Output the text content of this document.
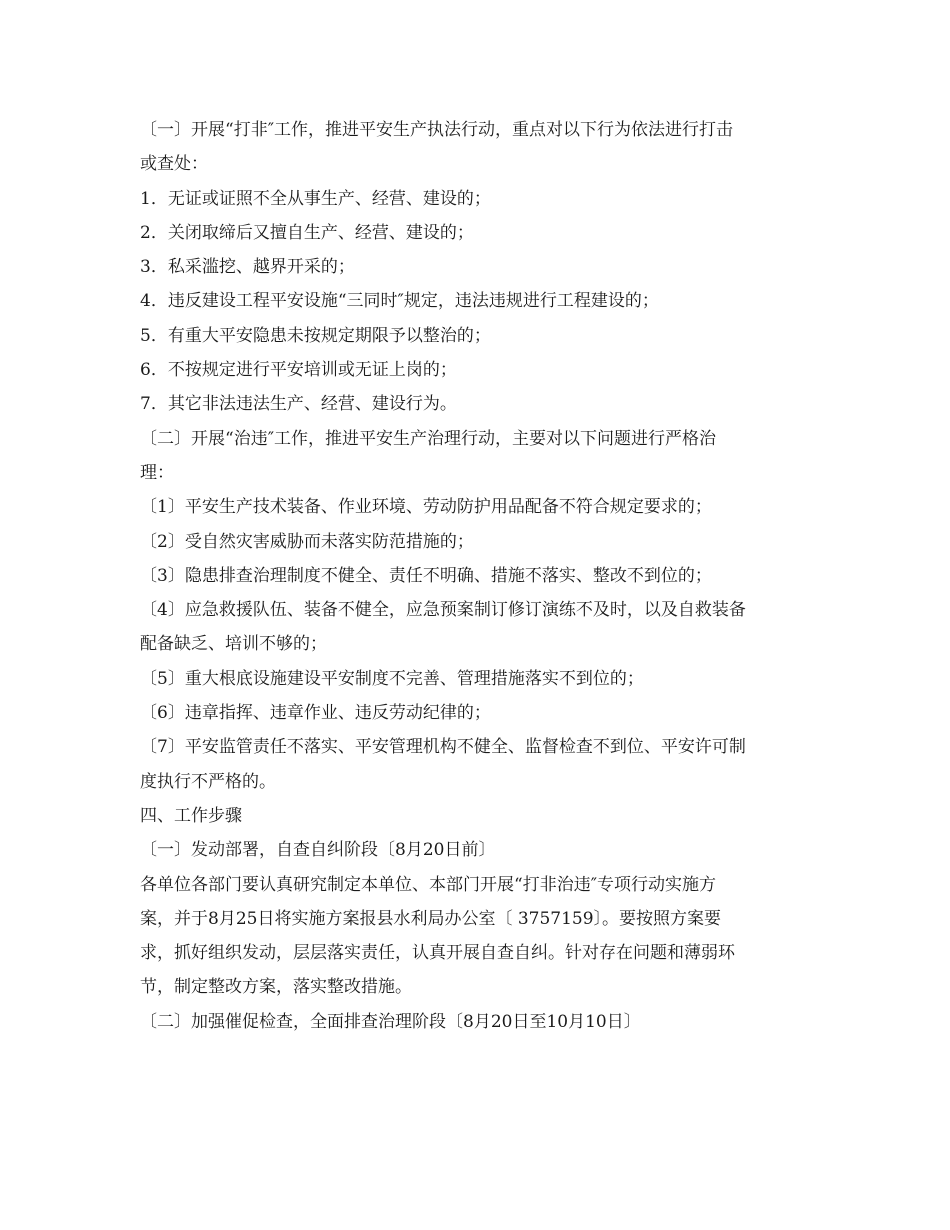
〔一〕开展“打非″工作，推进平安生产执法行动，重点对以下行为依法进行打击
或查处：
1．无证或证照不全从事生产、经营、建设的；
2．关闭取缔后又擅自生产、经营、建设的；
3．私采滥挖、越界开采的；
4．违反建设工程平安设施“三同时″规定，违法违规进行工程建设的；
5．有重大平安隐患未按规定期限予以整治的；
6．不按规定进行平安培训或无证上岗的；
7．其它非法违法生产、经营、建设行为。
〔二〕开展“治违″工作，推进平安生产治理行动，主要对以下问题进行严格治
理：
〔1〕平安生产技术装备、作业环境、劳动防护用品配备不符合规定要求的；
〔2〕受自然灾害威胁而未落实防范措施的；
〔3〕隐患排查治理制度不健全、责任不明确、措施不落实、整改不到位的；
〔4〕应急救援队伍、装备不健全，应急预案制订修订演练不及时，以及自救装备
配备缺乏、培训不够的；
〔5〕重大根底设施建设平安制度不完善、管理措施落实不到位的；
〔6〕违章指挥、违章作业、违反劳动纪律的；
〔7〕平安监管责任不落实、平安管理机构不健全、监督检查不到位、平安许可制
度执行不严格的。
四、工作步骤
〔一〕发动部署，自查自纠阶段〔8月20日前〕
各单位各部门要认真研究制定本单位、本部门开展“打非治违″专项行动实施方
案，并于8月25日将实施方案报县水利局办公室〔 3757159〕。要按照方案要
求，抓好组织发动，层层落实责任，认真开展自查自纠。针对存在问题和薄弱环
节，制定整改方案，落实整改措施。
〔二〕加强催促检查，全面排查治理阶段〔8月20日至10月10日〕
